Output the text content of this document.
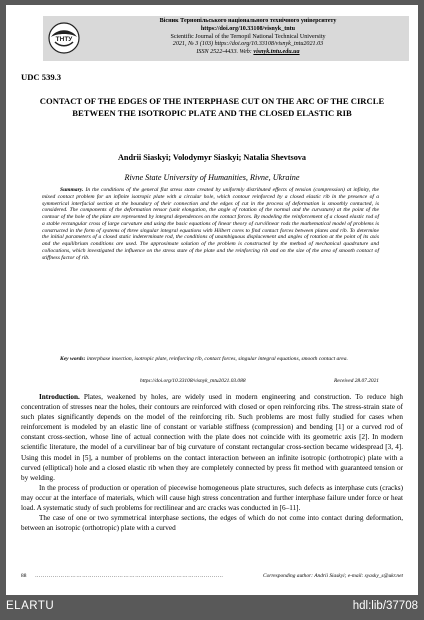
ТНТУ
Вісник Тернопільського національного технічного університету
https://doi.org/10.33108/visnyk_tntu
Scientific Journal of the Ternopil National Technical University
2021, № 3 (103) https://doi.org/10.33108/visnyk_tntu2021.03
ISSN 2522-4433. Web: visnyk.tntu.edu.ua
UDC 539.3
CONTACT OF THE EDGES OF THE INTERPHASE CUT ON THE ARC OF THE CIRCLE BETWEEN THE ISOTROPIC PLATE AND THE CLOSED ELASTIC RIB
Andrii Siaskyi; Volodymyr Siaskyi; Natalia Shevtsova
Rivne State University of Humanities, Rivne, Ukraine
Summary. In the conditions of the general flat stress state created by uniformly distributed effects of tension (compression) at infinity, the mixed contact problem for an infinite isotropic plate with a circular hole, which contour reinforced by a closed elastic rib in the presence of a symmetrical interfacial section at the boundary of their connection and the edges of cut in the process of deformation is smoothly contacted, is considered. The components of the deformation tensor (unit elongation, the angle of rotation of the normal and the curvature) at the point of the contour of the hole of the plate are represented by integral dependences on the contact forces. By modeling the reinforcement of a closed elastic rod of a stable rectangular cross of large curvature and using the basic equations of linear theory of curvilinear rods the mathematical model of problems is constructed in the form of systems of three singular integral equations with Hilbert cores to find contact forces between plates and rib. To determine the initial parameters of a closed static indeterminate rod, the conditions of unambiguous displacement and angles of rotation at the point of its axis and the equilibrium conditions are used. The approximate solution of the problem is constructed by the method of mechanical quadrature and collocations, which investigated the influence on the stress state of the plate and the reinforcing rib and on the size of the area of smooth contact of stiffness factor of rib.
Key words: interphase insection, isotropic plate, reinforcing rib, contact forces, singular integral equations, smooth contact area.
https://doi.org/10.33108/visnyk_tntu2021.03.088	Received 28.07.2021

Introduction. Plates, weakened by holes, are widely used in modern engineering and construction. To reduce high concentration of stresses near the holes, their contours are reinforced with closed or open reinforcing ribs. The stress-strain state of such plates significantly depends on the model of the reinforcing rib. Such problems are most fully studied for cases when reinforcement is modeled by an elastic line of constant or variable stiffness (compression) and bending [1] or a curved rod of constant cross-section, whose line of actual connection with the plate does not coincide with its geometric axis [2]. In modern scientific literature, the model of a curvilinear bar of big curvature of constant rectangular cross-section became widespread [3, 4]. Using this model in [5], a number of problems on the contact interaction between an infinite isotropic (orthotropic) plate with a curved (elliptical) hole and a closed elastic rib when they are completely connected by press fit method with guaranteed tension or by welding.

In the process of production or operation of piecewise homogeneous plate structures, such defects as interphase cuts (cracks) may occur at the interface of materials, which will cause high stress concentration and further interphase failure under force or heat load. A systematic study of such problems for rectilinear and arc cracks was conducted in [6–11].

The case of one or two symmetrical interphase sections, the edges of which do not come into contact during deformation, between an isotropic (orthotropic) plate with a curved

88 ……………………………………………………………………………………	Corresponding author: Andrii Siaskyi; e-mail: syasky_s@ukr.net
ELARTU	hdl:lib/37708
